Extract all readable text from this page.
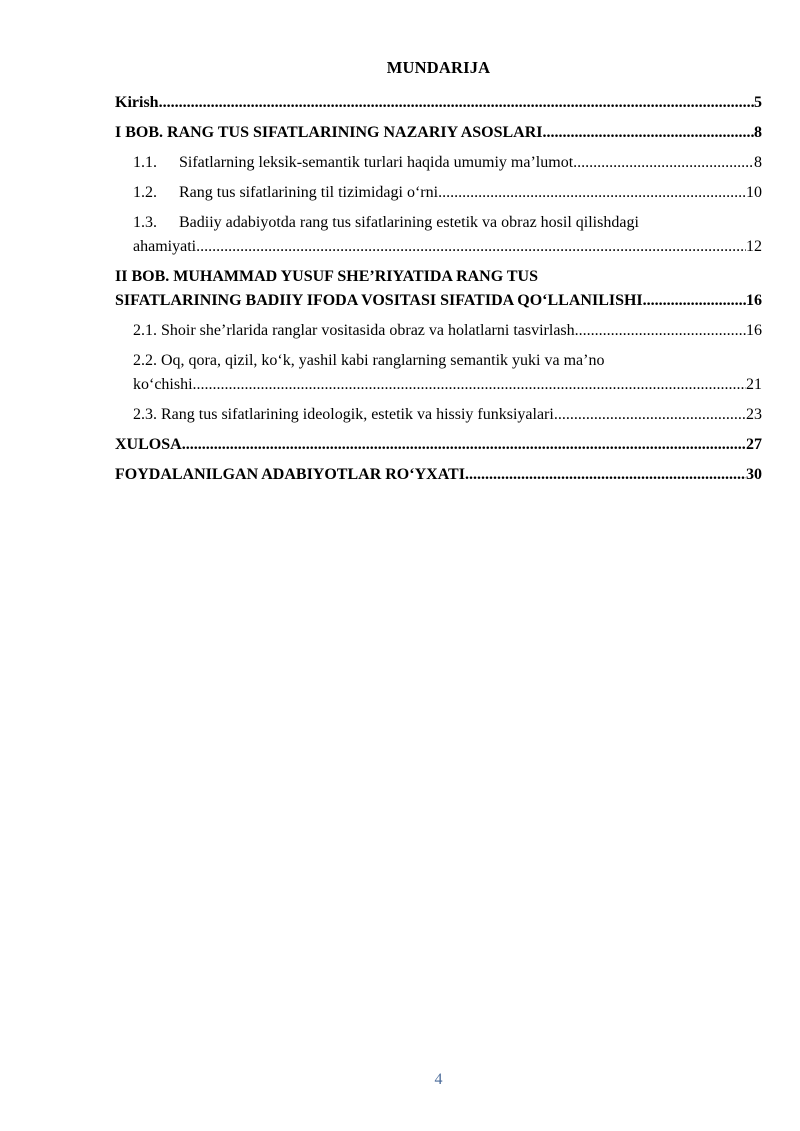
MUNDARIJA
Kirish .....	5
I BOB. RANG TUS SIFATLARINING NAZARIY ASOSLARI .....	8
1.1.	Sifatlarning leksik-semantik turlari haqida umumiy ma’lumot .....	8
1.2.	Rang tus sifatlarining til tizimidagi o‘rni .....	10
1.3. Badiiy adabiyotda rang tus sifatlarining estetik va obraz hosil qilishdagi
ahamiyati .....	12
II BOB. MUHAMMAD YUSUF SHE’RIYATIDA RANG TUS
SIFATLARINING BADIIY IFODA VOSITASI SIFATIDA QO‘LLANILISHI .....	16
2.1. Shoir she’rlarida ranglar vositasida obraz va holatlarni tasvirlash .....	16
2.2. Oq, qora, qizil, ko‘k, yashil kabi ranglarning semantik yuki va ma’no
ko‘chishi .....	21
2.3. Rang tus sifatlarining ideologik, estetik va hissiy funksiyalari .....	23
XULOSA .....	27
FOYDALANILGAN ADABIYOTLAR RO‘YXATI .....	30
4
